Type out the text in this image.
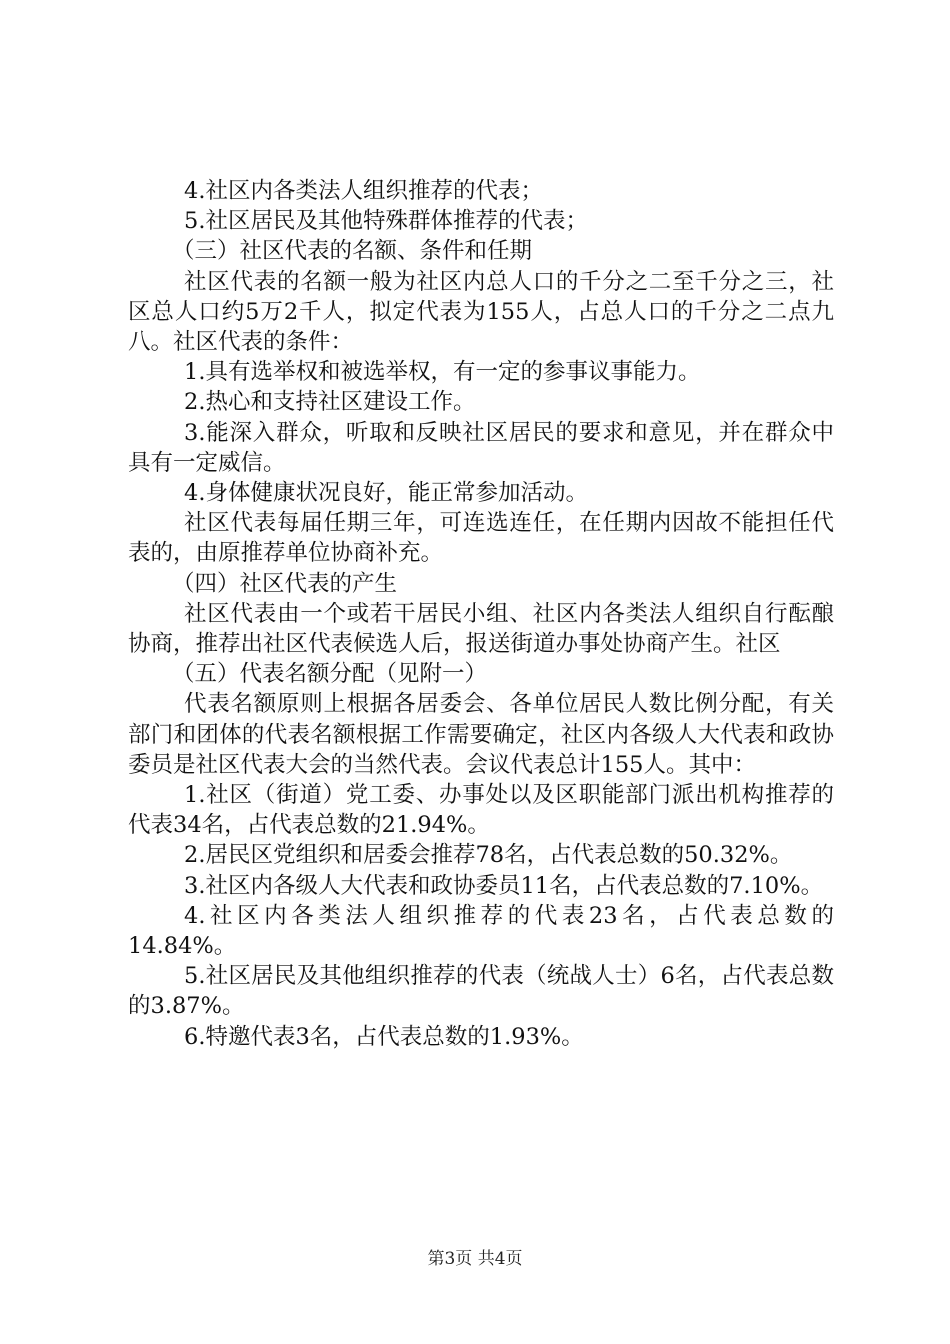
4.社区内各类法人组织推荐的代表；

5.社区居民及其他特殊群体推荐的代表；

（三）社区代表的名额、条件和任期

社区代表的名额一般为社区内总人口的千分之二至千分之三，社区总人口约5万2千人，拟定代表为155人，占总人口的千分之二点九八。社区代表的条件：

1.具有选举权和被选举权，有一定的参事议事能力。

2.热心和支持社区建设工作。

3.能深入群众，听取和反映社区居民的要求和意见，并在群众中具有一定威信。

4.身体健康状况良好，能正常参加活动。

社区代表每届任期三年，可连选连任，在任期内因故不能担任代表的，由原推荐单位协商补充。

（四）社区代表的产生

社区代表由一个或若干居民小组、社区内各类法人组织自行酝酿协商，推荐出社区代表候选人后，报送街道办事处协商产生。社区

（五）代表名额分配（见附一）

代表名额原则上根据各居委会、各单位居民人数比例分配，有关部门和团体的代表名额根据工作需要确定，社区内各级人大代表和政协委员是社区代表大会的当然代表。会议代表总计155人。其中：

1.社区（街道）党工委、办事处以及区职能部门派出机构推荐的代表34名，占代表总数的21.94%。

2.居民区党组织和居委会推荐78名，占代表总数的50.32%。

3.社区内各级人大代表和政协委员11名，占代表总数的7.10%。

4.社区内各类法人组织推荐的代表23名，占代表总数的14.84%。

5.社区居民及其他组织推荐的代表（统战人士）6名，占代表总数的3.87%。

6.特邀代表3名，占代表总数的1.93%。

第3页 共4页
